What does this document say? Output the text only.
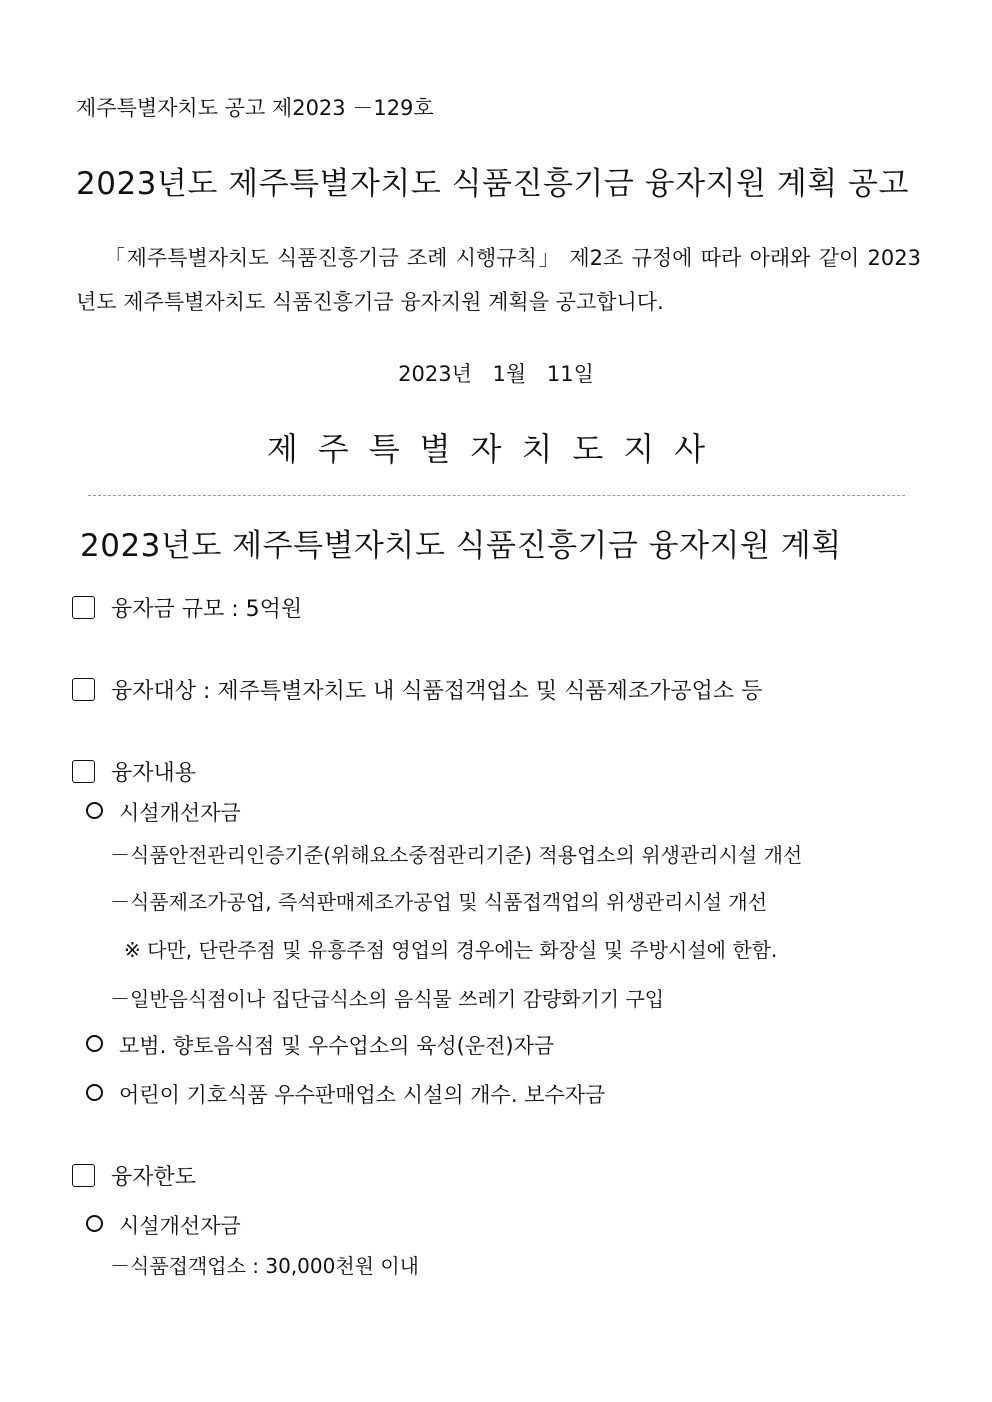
제주특별자치도 공고 제2023 －129호
2023년도 제주특별자치도 식품진흥기금 융자지원 계획 공고
「제주특별자치도 식품진흥기금 조례 시행규칙」 제2조 규정에 따라 아래와 같이 2023년도 제주특별자치도 식품진흥기금 융자지원 계획을 공고합니다.
2023년 1월 11일
제주특별자치도지사
2023년도 제주특별자치도 식품진흥기금 융자지원 계획
융자금 규모 : 5억원
융자대상 : 제주특별자치도 내 식품접객업소 및 식품제조가공업소 등
융자내용
시설개선자금
－식품안전관리인증기준(위해요소중점관리기준) 적용업소의 위생관리시설 개선
－식품제조가공업, 즉석판매제조가공업 및 식품접객업의 위생관리시설 개선
※ 다만, 단란주점 및 유흥주점 영업의 경우에는 화장실 및 주방시설에 한함.
－일반음식점이나 집단급식소의 음식물 쓰레기 감량화기기 구입
모범. 향토음식점 및 우수업소의 육성(운전)자금
어린이 기호식품 우수판매업소 시설의 개수. 보수자금
융자한도
시설개선자금
－식품접객업소 : 30,000천원 이내
